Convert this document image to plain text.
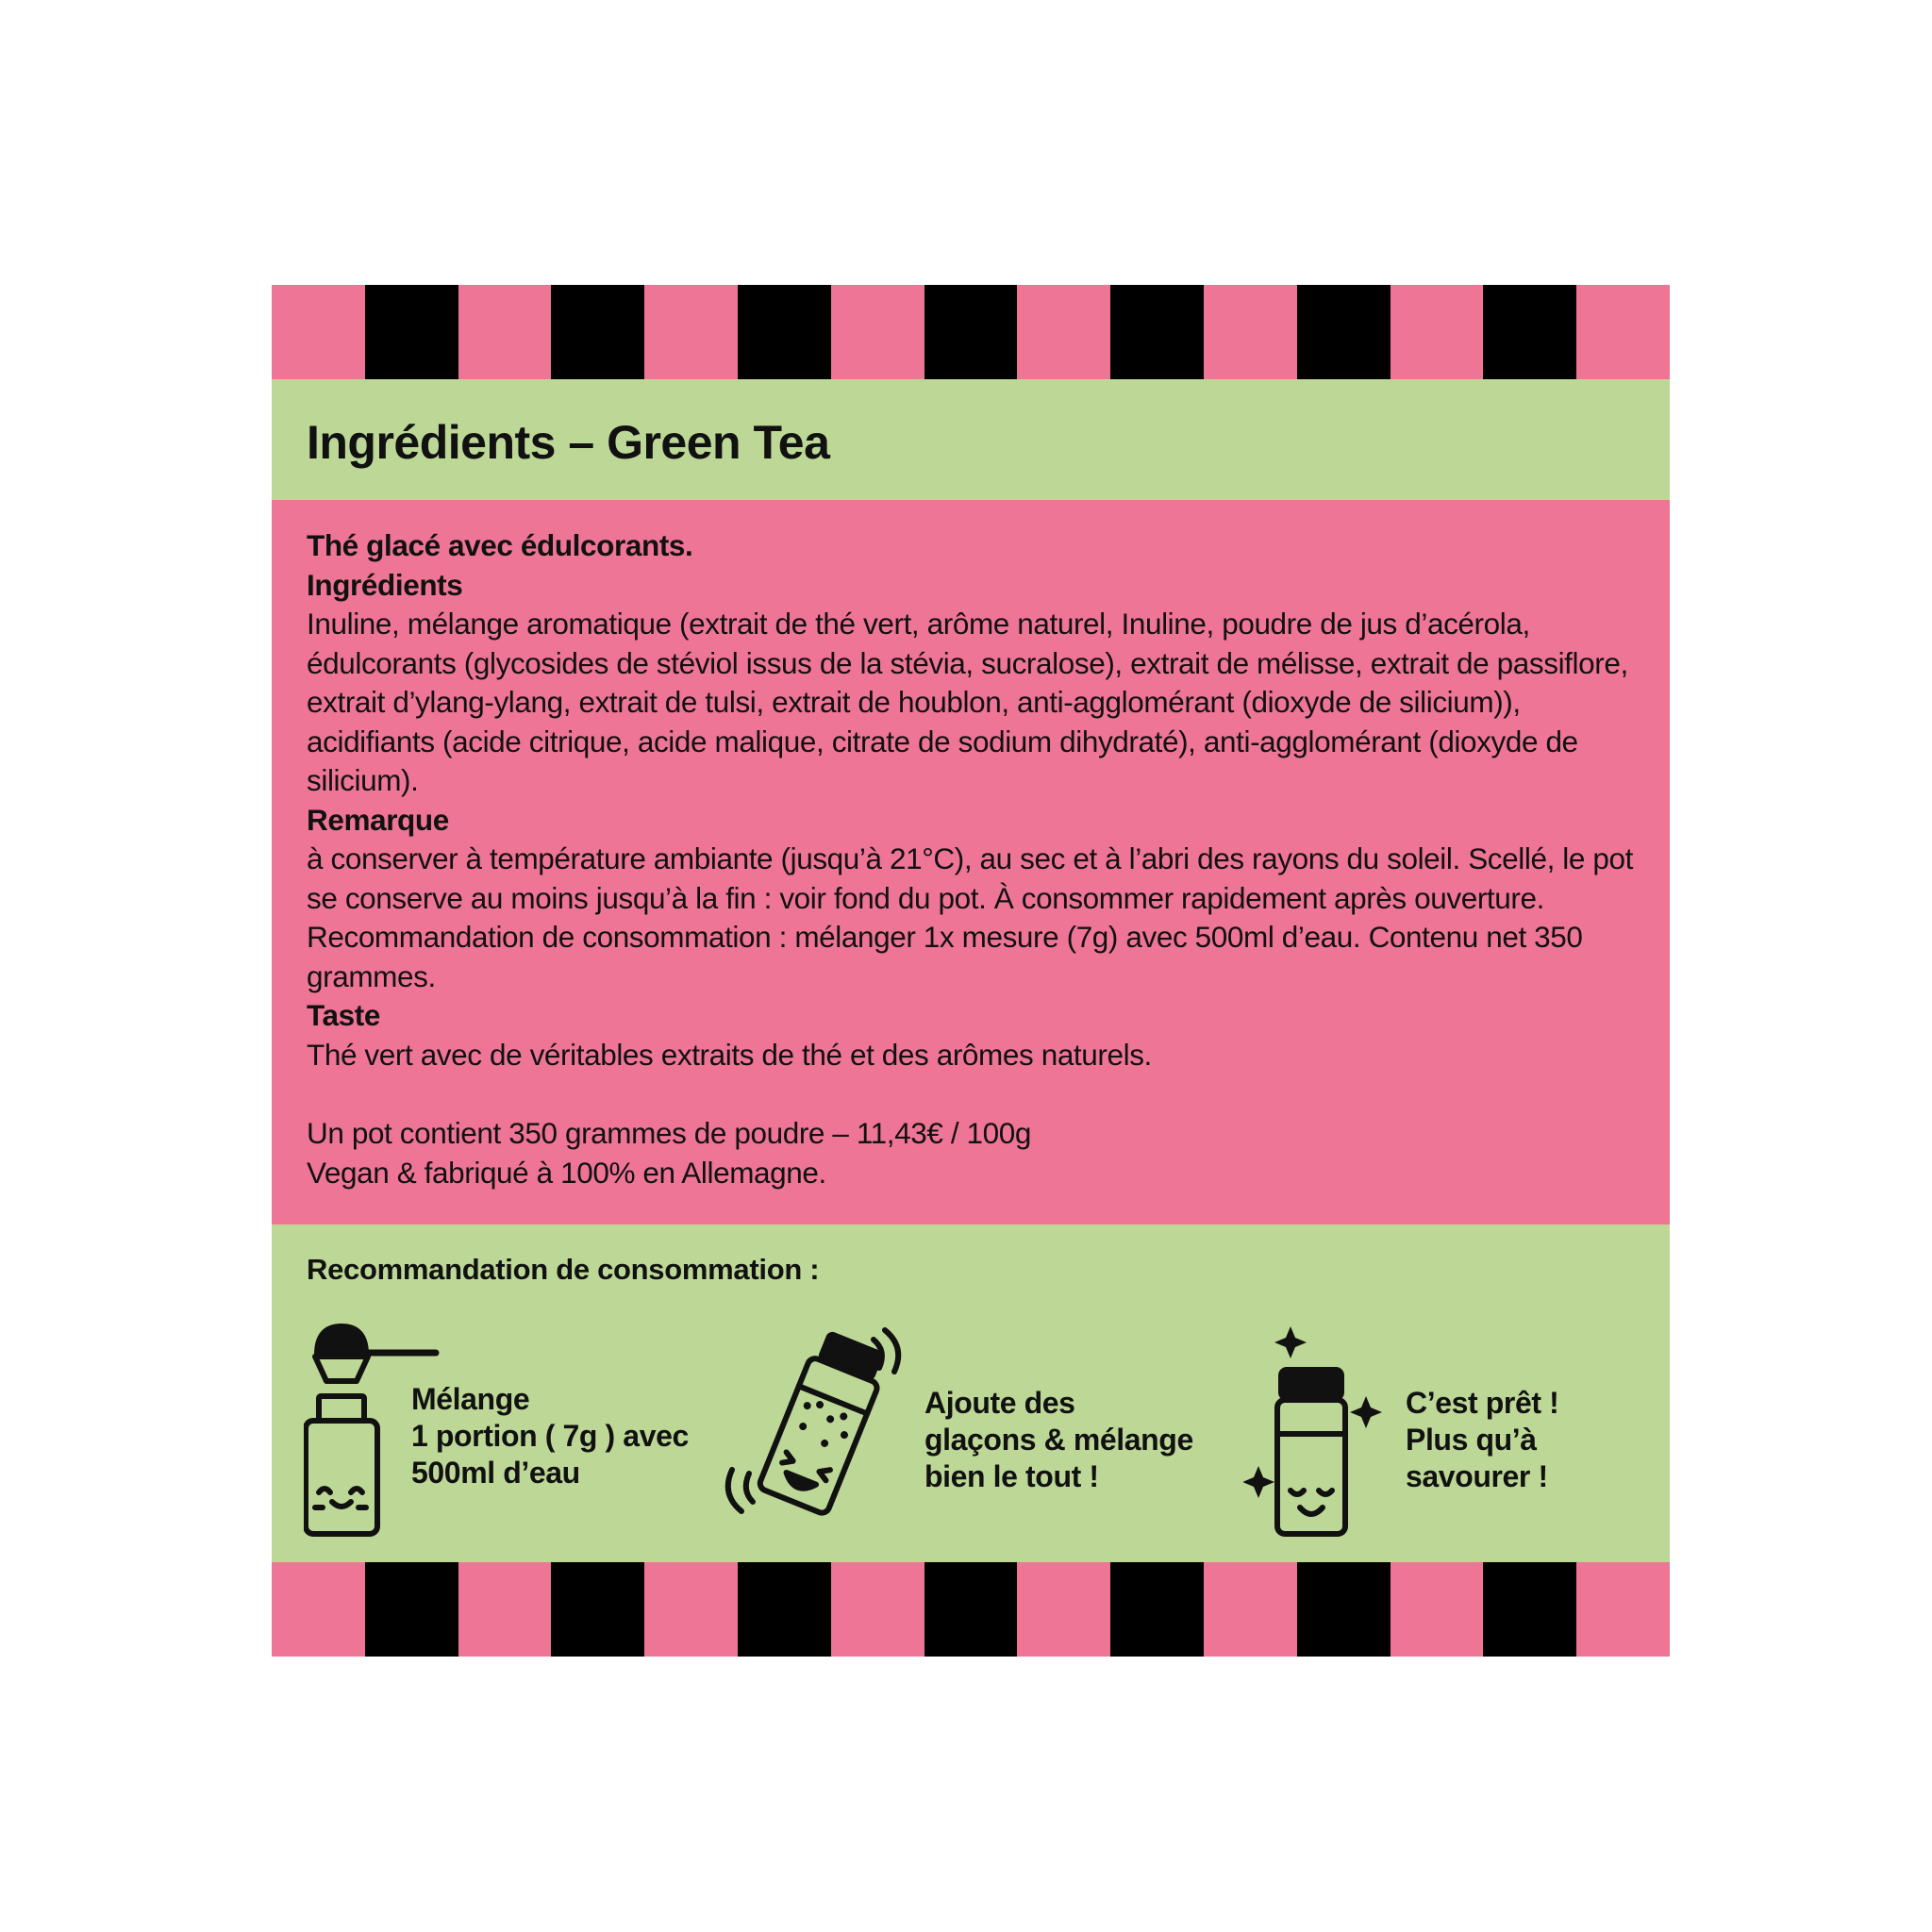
Ingrédients – Green Tea

Thé glacé avec édulcorants.

Ingrédients

Inuline, mélange aromatique (extrait de thé vert, arôme naturel, Inuline, poudre de jus d’acérola, édulcorants (glycosides de stéviol issus de la stévia, sucralose), extrait de mélisse, extrait de passiflore, extrait d’ylang-ylang, extrait de tulsi, extrait de houblon, anti-agglomérant (dioxyde de silicium)), acidifiants (acide citrique, acide malique, citrate de sodium dihydraté), anti-agglomérant (dioxyde de silicium).

Remarque

à conserver à température ambiante (jusqu’à 21°C), au sec et à l’abri des rayons du soleil. Scellé, le pot se conserve au moins jusqu’à la fin : voir fond du pot. À consommer rapidement après ouverture. Recommandation de consommation : mélanger 1x mesure (7g) avec 500ml d’eau. Contenu net 350 grammes.

Taste

Thé vert avec de véritables extraits de thé et des arômes naturels.

Un pot contient 350 grammes de poudre – 11,43€ / 100g

Vegan & fabriqué à 100% en Allemagne.

Recommandation de consommation :
Mélange
1 portion ( 7g ) avec
500ml d’eau
Ajoute des
glaçons & mélange
bien le tout !
C’est prêt !
Plus qu’à
savourer !
